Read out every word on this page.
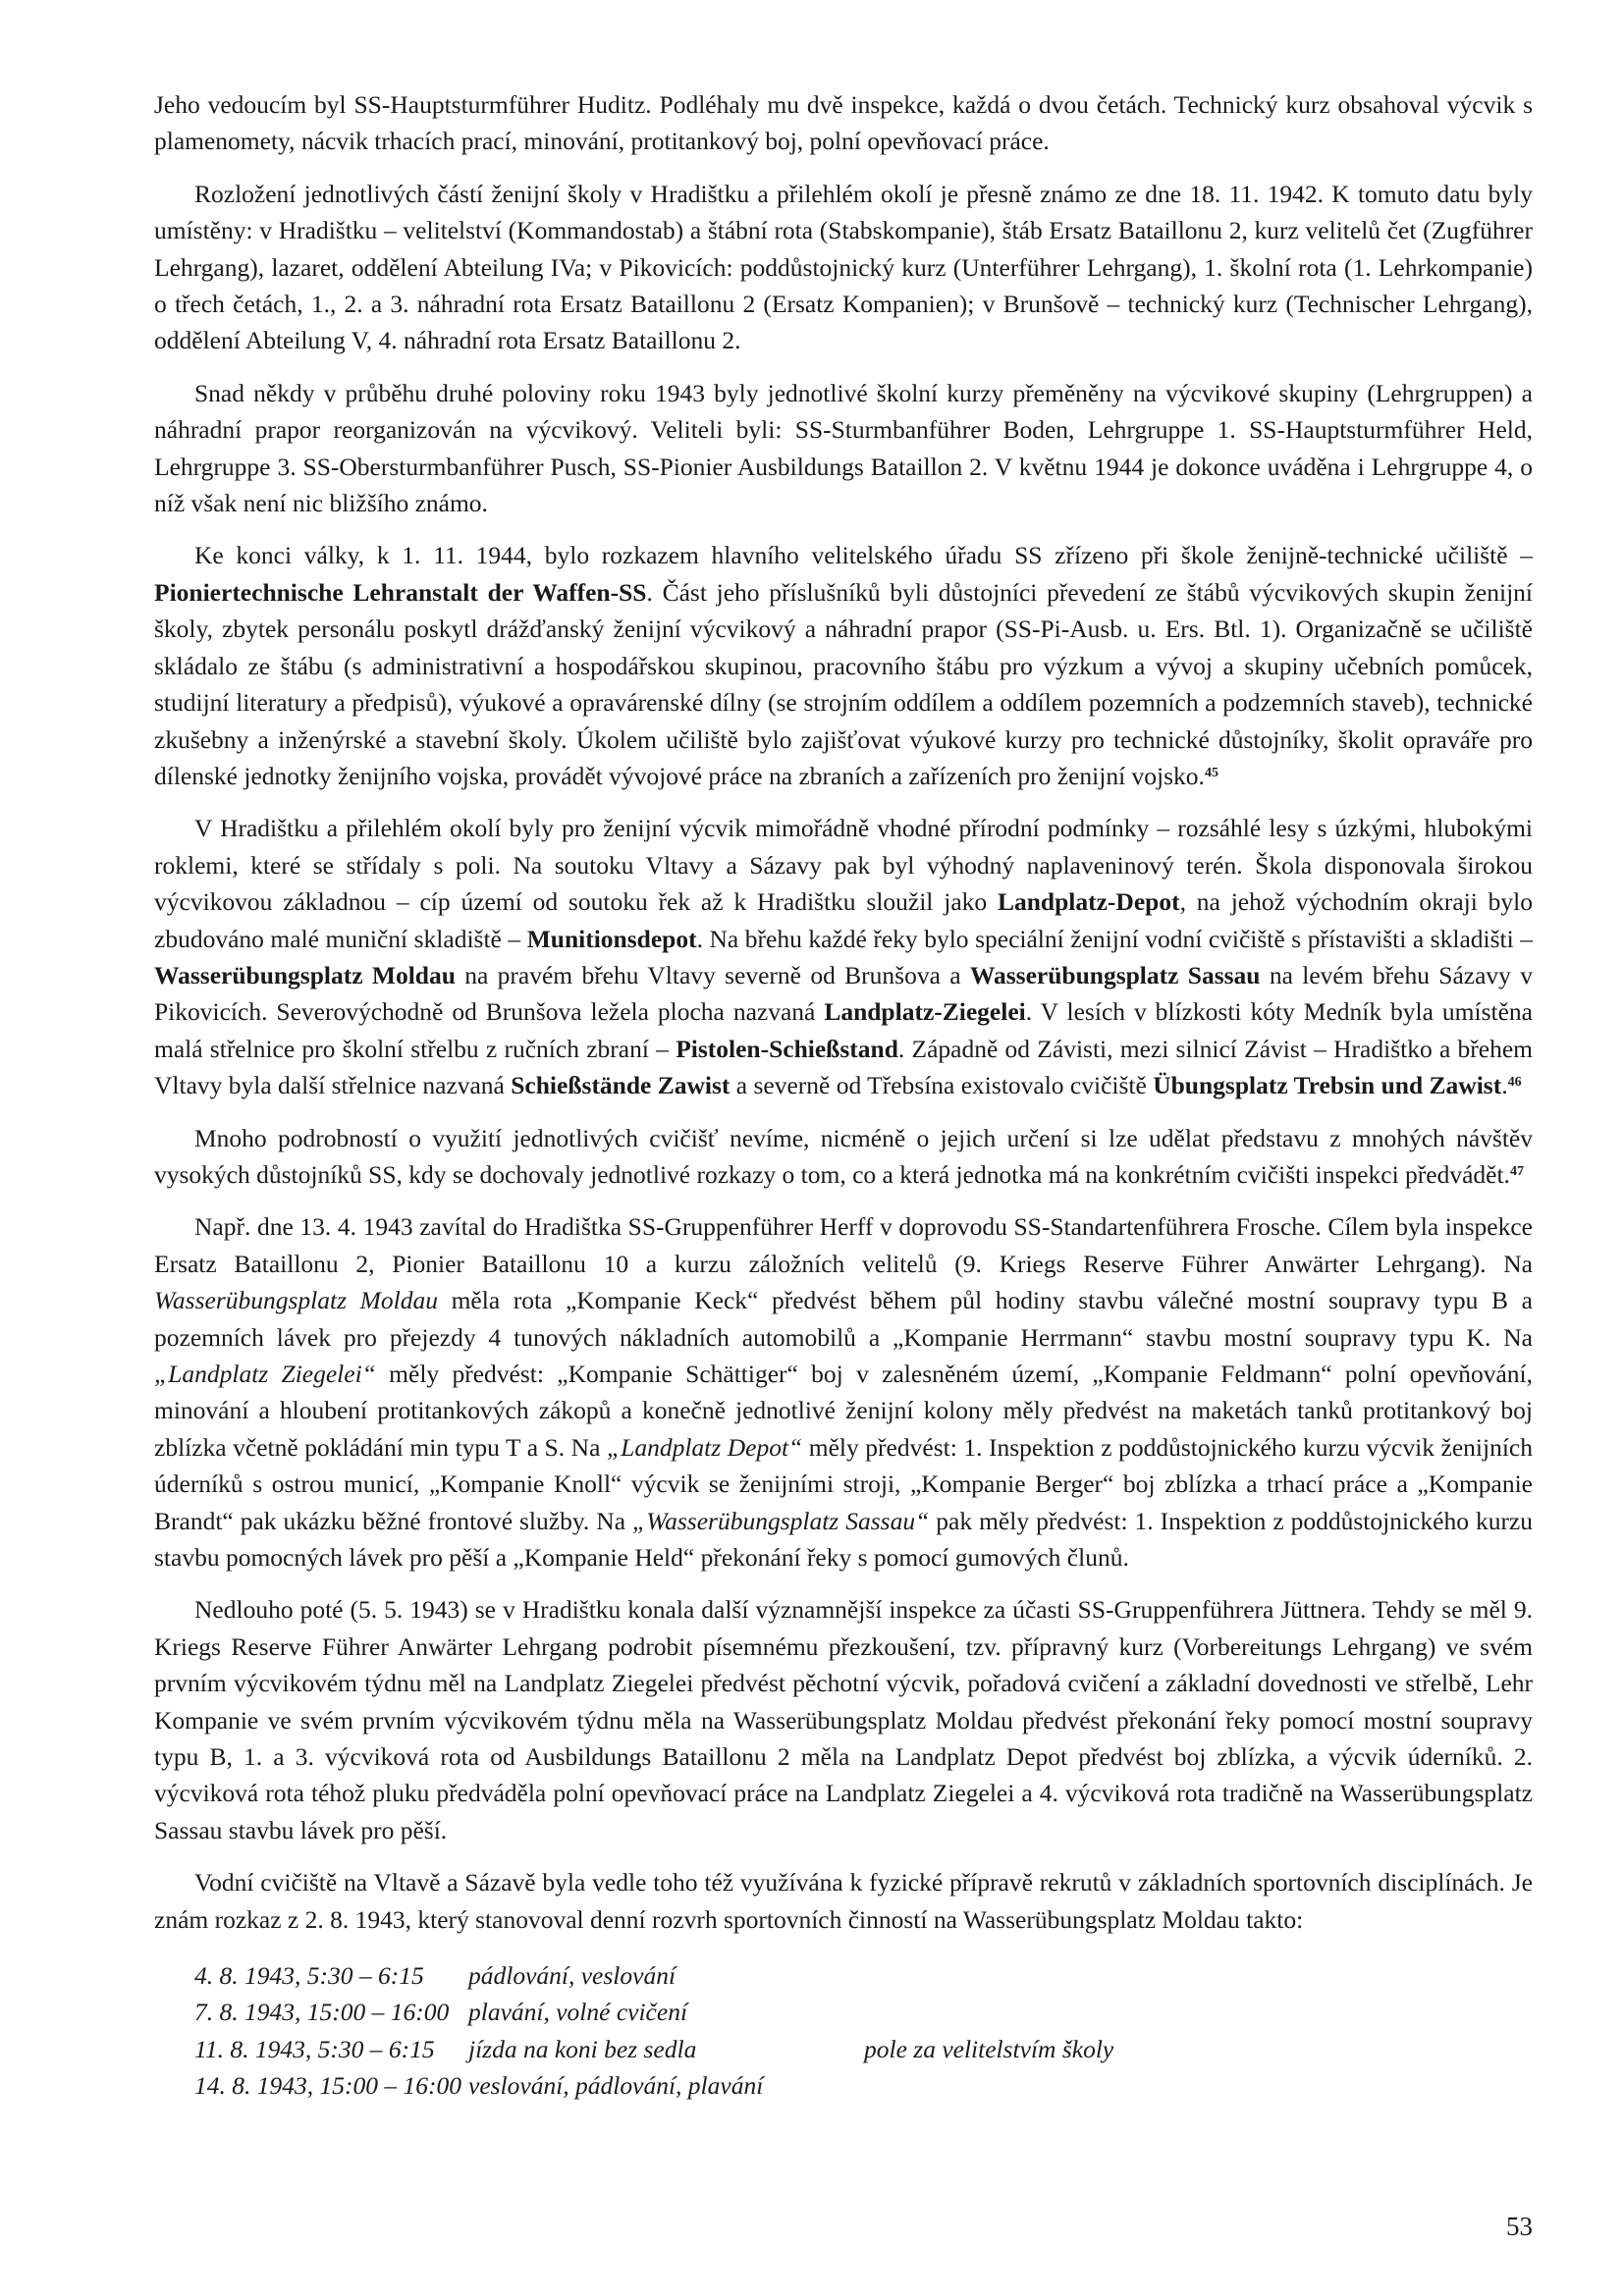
Jeho vedoucím byl SS-Hauptsturmführer Huditz. Podléhaly mu dvě inspekce, každá o dvou četách. Technický kurz obsahoval výcvik s plamenomety, nácvik trhacích prací, minování, protitankový boj, polní opevňovací práce.

Rozložení jednotlivých částí ženijní školy v Hradištku a přilehlém okolí je přesně známo ze dne 18. 11. 1942. K tomuto datu byly umístěny: v Hradištku – velitelství (Kommandostab) a štábní rota (Stabskompanie), štáb Ersatz Bataillonu 2, kurz velitelů čet (Zugführer Lehrgang), lazaret, oddělení Abteilung IVa; v Pikovicích: poddůstojnický kurz (Unterführer Lehrgang), 1. školní rota (1. Lehrkompanie) o třech četách, 1., 2. a 3. náhradní rota Ersatz Bataillonu 2 (Ersatz Kompanien); v Brunšově – technický kurz (Technischer Lehrgang), oddělení Abteilung V, 4. náhradní rota Ersatz Bataillonu 2.

Snad někdy v průběhu druhé poloviny roku 1943 byly jednotlivé školní kurzy přeměněny na výcvikové skupiny (Lehrgruppen) a náhradní prapor reorganizován na výcvikový. Veliteli byli: SS-Sturmbanführer Boden, Lehrgruppe 1. SS-Hauptsturmführer Held, Lehrgruppe 3. SS-Obersturmbanführer Pusch, SS-Pionier Ausbildungs Bataillon 2. V květnu 1944 je dokonce uváděna i Lehrgruppe 4, o níž však není nic bližšího známo.

Ke konci války, k 1. 11. 1944, bylo rozkazem hlavního velitelského úřadu SS zřízeno při škole ženijně-technické učiliště – Pioniertechnische Lehranstalt der Waffen-SS. Část jeho příslušníků byli důstojníci převedení ze štábů výcvikových skupin ženijní školy, zbytek personálu poskytl drážďanský ženijní výcvikový a náhradní prapor (SS-Pi-Ausb. u. Ers. Btl. 1). Organizačně se učiliště skládalo ze štábu (s administrativní a hospodářskou skupinou, pracovního štábu pro výzkum a vývoj a skupiny učebních pomůcek, studijní literatury a předpisů), výukové a opravárenské dílny (se strojním oddílem a oddílem pozemních a podzemních staveb), technické zkušebny a inženýrské a stavební školy. Úkolem učiliště bylo zajišťovat výukové kurzy pro technické důstojníky, školit opraváře pro dílenské jednotky ženijního vojska, provádět vývojové práce na zbraních a zařízeních pro ženijní vojsko.$^{45}$

V Hradištku a přilehlém okolí byly pro ženijní výcvik mimořádně vhodné přírodní podmínky – rozsáhlé lesy s úzkými, hlubokými roklemi, které se střídaly s poli. Na soutoku Vltavy a Sázavy pak byl výhodný naplaveninový terén. Škola disponovala širokou výcvikovou základnou – cíp území od soutoku řek až k Hradištku sloužil jako Landplatz-Depot, na jehož východním okraji bylo zbudováno malé muniční skladiště – Munitionsdepot. Na břehu každé řeky bylo speciální ženijní vodní cvičiště s přístavišti a skladišti – Wasserübungsplatz Moldau na pravém břehu Vltavy severně od Brunšova a Wasserübungsplatz Sassau na levém břehu Sázavy v Pikovicích. Severovýchodně od Brunšova ležela plocha nazvaná Landplatz-Ziegelei. V lesích v blízkosti kóty Medník byla umístěna malá střelnice pro školní střelbu z ručních zbraní – Pistolen-Schießstand. Západně od Závisti, mezi silnicí Závist – Hradištko a břehem Vltavy byla další střelnice nazvaná Schießstände Zawist a severně od Třebsína existovalo cvičiště Übungsplatz Trebsin und Zawist.$^{46}$

Mnoho podrobností o využití jednotlivých cvičišť nevíme, nicméně o jejich určení si lze udělat představu z mnohých návštěv vysokých důstojníků SS, kdy se dochovaly jednotlivé rozkazy o tom, co a která jednotka má na konkrétním cvičišti inspekci předvádět.$^{47}$

Např. dne 13. 4. 1943 zavítal do Hradištka SS-Gruppenführer Herff v doprovodu SS-Standartenführera Frosche. Cílem byla inspekce Ersatz Bataillonu 2, Pionier Bataillonu 10 a kurzu záložních velitelů (9. Kriegs Reserve Führer Anwärter Lehrgang). Na Wasserübungsplatz Moldau měla rota „Kompanie Keck“ předvést během půl hodiny stavbu válečné mostní soupravy typu B a pozemních lávek pro přejezdy 4 tunových nákladních automobilů a „Kompanie Herrmann“ stavbu mostní soupravy typu K. Na „Landplatz Ziegelei“ měly předvést: „Kompanie Schättiger“ boj v zalesněném území, „Kompanie Feldmann“ polní opevňování, minování a hloubení protitankových zákopů a konečně jednotlivé ženijní kolony měly předvést na maketách tanků protitankový boj zblízka včetně pokládání min typu T a S. Na „Landplatz Depot“ měly předvést: 1. Inspektion z poddůstojnického kurzu výcvik ženijních úderníků s ostrou municí, „Kompanie Knoll“ výcvik se ženijními stroji, „Kompanie Berger“ boj zblízka a trhací práce a „Kompanie Brandt“ pak ukázku běžné frontové služby. Na „Wasserübungsplatz Sassau“ pak měly předvést: 1. Inspektion z poddůstojnického kurzu stavbu pomocných lávek pro pěší a „Kompanie Held“ překonání řeky s pomocí gumových člunů.

Nedlouho poté (5. 5. 1943) se v Hradištku konala další významnější inspekce za účasti SS-Gruppenführera Jüttnera. Tehdy se měl 9. Kriegs Reserve Führer Anwärter Lehrgang podrobit písemnému přezkoušení, tzv. přípravný kurz (Vorbereitungs Lehrgang) ve svém prvním výcvikovém týdnu měl na Landplatz Ziegelei předvést pěchotní výcvik, pořadová cvičení a základní dovednosti ve střelbě, Lehr Kompanie ve svém prvním výcvikovém týdnu měla na Wasserübungsplatz Moldau předvést překonání řeky pomocí mostní soupravy typu B, 1. a 3. výcviková rota od Ausbildungs Bataillonu 2 měla na Landplatz Depot předvést boj zblízka, a výcvik úderníků. 2. výcviková rota téhož pluku předváděla polní opevňovací práce na Landplatz Ziegelei a 4. výcviková rota tradičně na Wasserübungsplatz Sassau stavbu lávek pro pěší.

Vodní cvičiště na Vltavě a Sázavě byla vedle toho též využívána k fyzické přípravě rekrutů v základních sportovních disciplínách. Je znám rozkaz z 2. 8. 1943, který stanovoval denní rozvrh sportovních činností na Wasserübungsplatz Moldau takto:

4. 8. 1943, 5:30 – 6:15	pádlování, veslování
7. 8. 1943, 15:00 – 16:00 plavání, volné cvičení
11. 8. 1943, 5:30 – 6:15	jízda na koni bez sedla	pole za velitelstvím školy
14. 8. 1943, 15:00 – 16:00 veslování, pádlování, plavání
53
